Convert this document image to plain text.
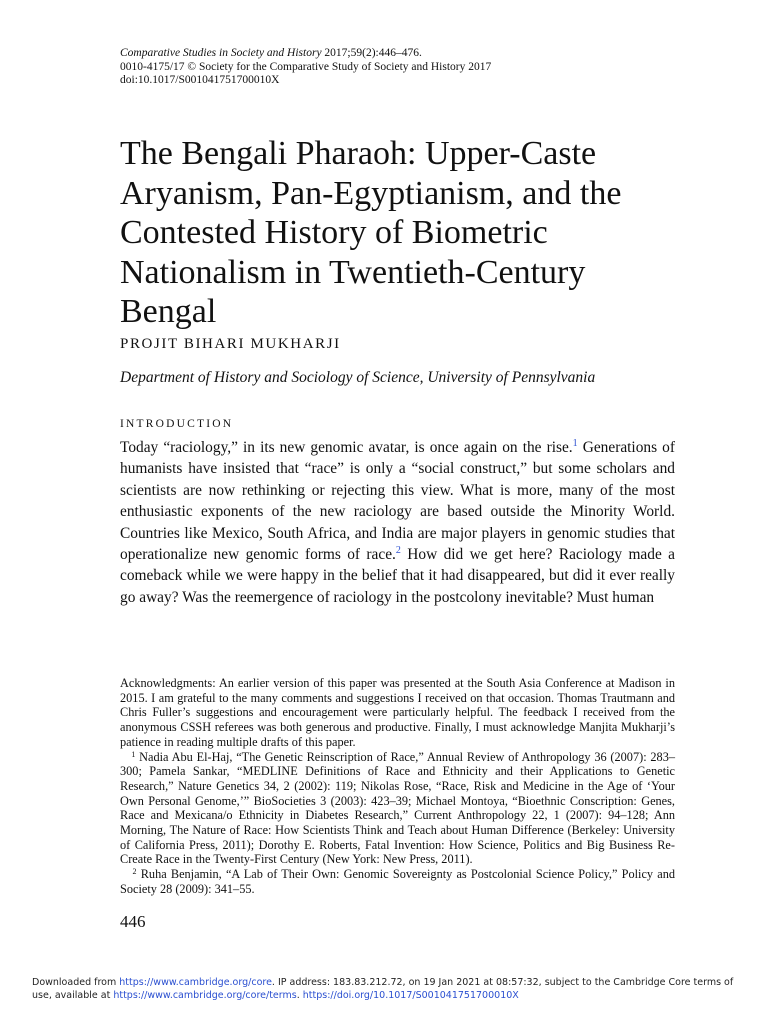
Comparative Studies in Society and History 2017;59(2):446–476.
0010-4175/17 © Society for the Comparative Study of Society and History 2017
doi:10.1017/S001041751700010X
The Bengali Pharaoh: Upper-Caste Aryanism, Pan-Egyptianism, and the Contested History of Biometric Nationalism in Twentieth-Century Bengal
PROJIT BIHARI MUKHARJI
Department of History and Sociology of Science, University of Pennsylvania
INTRODUCTION

Today “raciology,” in its new genomic avatar, is once again on the rise.$^1$ Generations of humanists have insisted that “race” is only a “social construct,” but some scholars and scientists are now rethinking or rejecting this view. What is more, many of the most enthusiastic exponents of the new raciology are based outside the Minority World. Countries like Mexico, South Africa, and India are major players in genomic studies that operationalize new genomic forms of race.$^2$ How did we get here? Raciology made a comeback while we were happy in the belief that it had disappeared, but did it ever really go away? Was the reemergence of raciology in the postcolony inevitable? Must human

Acknowledgments: An earlier version of this paper was presented at the South Asia Conference at Madison in 2015. I am grateful to the many comments and suggestions I received on that occasion. Thomas Trautmann and Chris Fuller’s suggestions and encouragement were particularly helpful. The feedback I received from the anonymous CSSH referees was both generous and productive. Finally, I must acknowledge Manjita Mukharji’s patience in reading multiple drafts of this paper.

$^1$ Nadia Abu El-Haj, “The Genetic Reinscription of Race,” Annual Review of Anthropology 36 (2007): 283–300; Pamela Sankar, “MEDLINE Definitions of Race and Ethnicity and their Applications to Genetic Research,” Nature Genetics 34, 2 (2002): 119; Nikolas Rose, “Race, Risk and Medicine in the Age of ‘Your Own Personal Genome,’” BioSocieties 3 (2003): 423–39; Michael Montoya, “Bioethnic Conscription: Genes, Race and Mexicana/o Ethnicity in Diabetes Research,” Current Anthropology 22, 1 (2007): 94–128; Ann Morning, The Nature of Race: How Scientists Think and Teach about Human Difference (Berkeley: University of California Press, 2011); Dorothy E. Roberts, Fatal Invention: How Science, Politics and Big Business Re-Create Race in the Twenty-First Century (New York: New Press, 2011).

$^2$ Ruha Benjamin, “A Lab of Their Own: Genomic Sovereignty as Postcolonial Science Policy,” Policy and Society 28 (2009): 341–55.

446
Downloaded from https://www.cambridge.org/core. IP address: 183.83.212.72, on 19 Jan 2021 at 08:57:32, subject to the Cambridge Core terms of use, available at https://www.cambridge.org/core/terms. https://doi.org/10.1017/S001041751700010X
